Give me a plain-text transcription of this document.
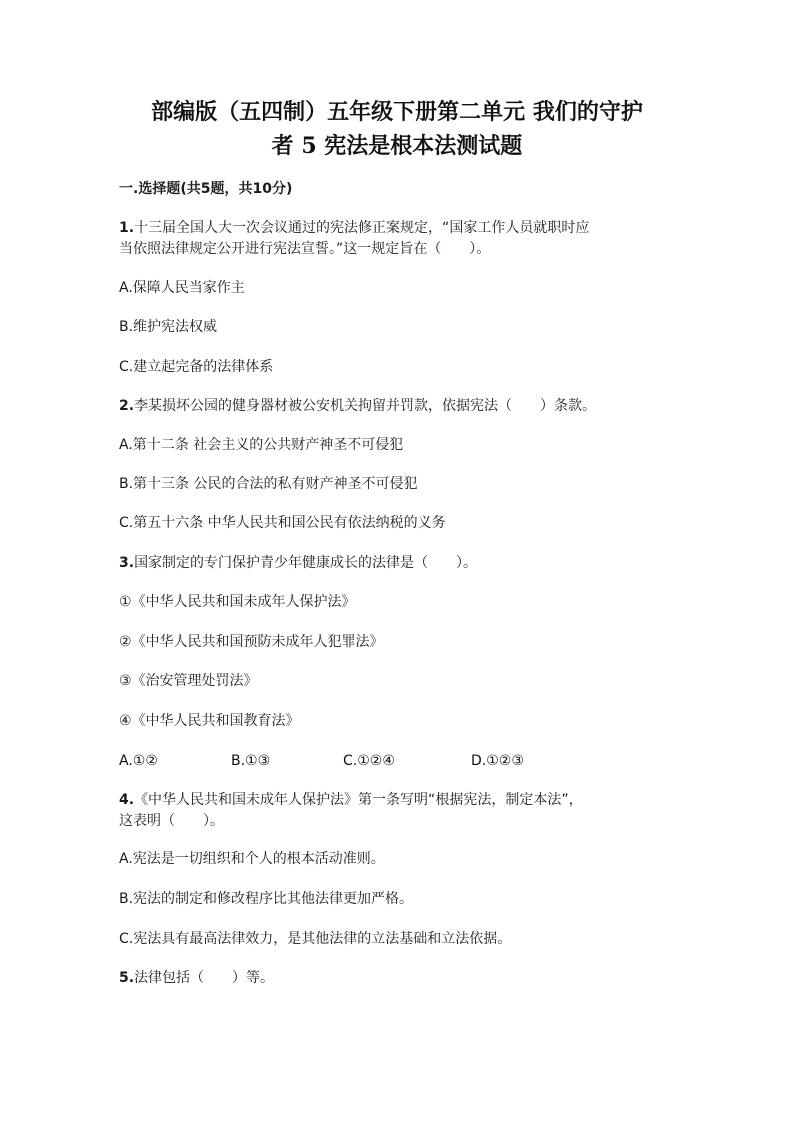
部编版（五四制）五年级下册第二单元 我们的守护
者 5 宪法是根本法测试题
一.选择题(共5题，共10分)
1.十三届全国人大一次会议通过的宪法修正案规定，“国家工作人员就职时应
当依照法律规定公开进行宪法宣誓。”这一规定旨在（　　）。
A.保障人民当家作主
B.维护宪法权威
C.建立起完备的法律体系
2.李某损坏公园的健身器材被公安机关拘留并罚款，依据宪法（　　）条款。
A.第十二条 社会主义的公共财产神圣不可侵犯
B.第十三条 公民的合法的私有财产神圣不可侵犯
C.第五十六条 中华人民共和国公民有依法纳税的义务
3.国家制定的专门保护青少年健康成长的法律是（　　）。
①《中华人民共和国未成年人保护法》
②《中华人民共和国预防未成年人犯罪法》
③《治安管理处罚法》
④《中华人民共和国教育法》
A.①②	B.①③	C.①②④	D.①②③
4.《中华人民共和国未成年人保护法》第一条写明“根据宪法，制定本法”，
这表明（　　）。
A.宪法是一切组织和个人的根本活动准则。
B.宪法的制定和修改程序比其他法律更加严格。
C.宪法具有最高法律效力，是其他法律的立法基础和立法依据。
5.法律包括（　　）等。
